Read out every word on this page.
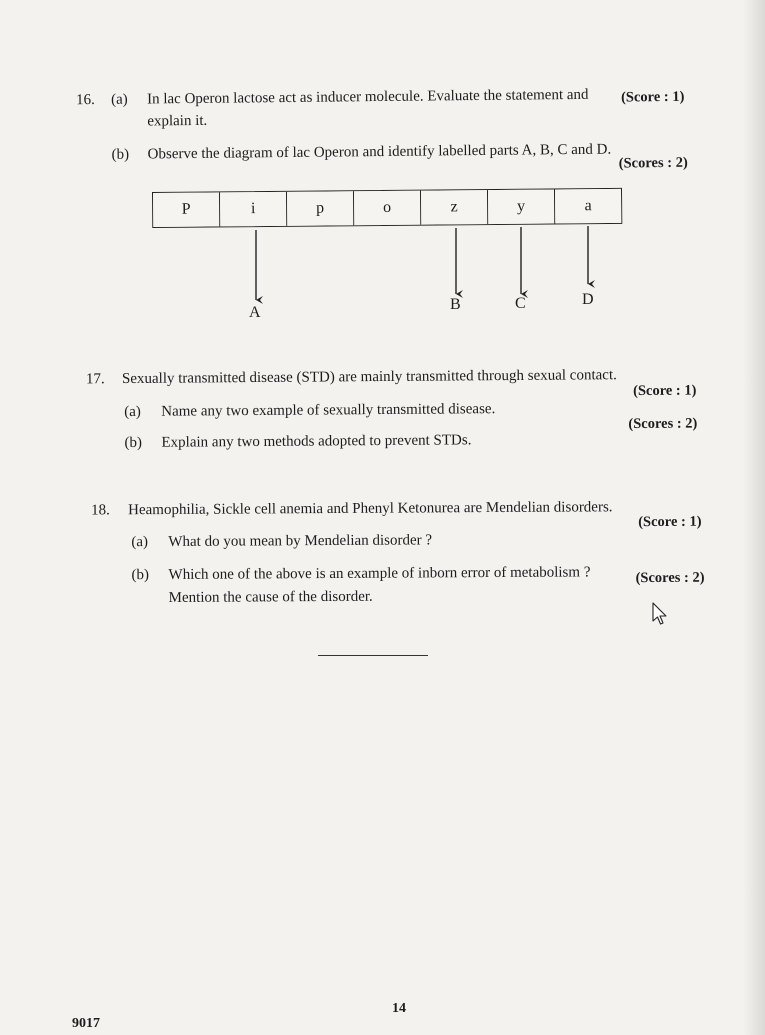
16. (a) In lac Operon lactose act as inducer molecule. Evaluate the statement and (Score : 1)
explain it.
(b) Observe the diagram of lac Operon and identify labelled parts A, B, C and D.
(Scores : 2)
P	i	p	o	z	y	a
A	B	C	D
17. Sexually transmitted disease (STD) are mainly transmitted through sexual contact.
(a) Name any two example of sexually transmitted disease.
(Score : 1)
(b) Explain any two methods adopted to prevent STDs.
(Scores : 2)
18. Heamophilia, Sickle cell anemia and Phenyl Ketonurea are Mendelian disorders.
(a) What do you mean by Mendelian disorder ?
(Score : 1)
(b) Which one of the above is an example of inborn error of metabolism ?
Mention the cause of the disorder.
(Scores : 2)
9017
14
